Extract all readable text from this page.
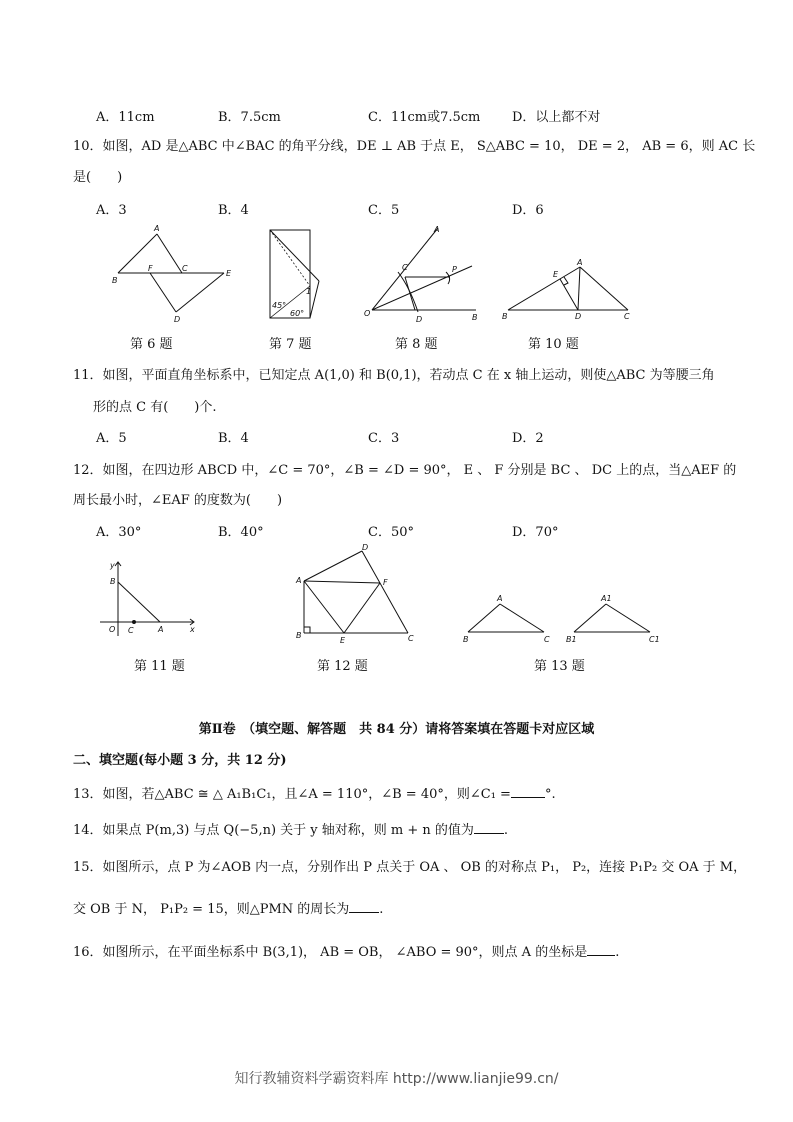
A．11cm	B．7.5cm	C．11cm或7.5cm D．以上都不对
10．如图，AD 是△ABC 中∠BAC 的角平分线，DE ⊥ AB 于点 E， S△ABC = 10， DE = 2， AB = 6，则 AC 长
是(　　)
A．3	B．4	C．5	D．6
A
B
F	C
E
D
45°
60°
1
A
C	P
O
D	B
A
E
B	D	C
第 6 题	第 7 题	第 8 题	第 10 题
11．如图，平面直角坐标系中，已知定点 A(1,0) 和 B(0,1)，若动点 C 在 x 轴上运动，则使△ABC 为等腰三角
形的点 C 有(　　)个.
A．5	B．4	C．3	D．2
12．如图，在四边形 ABCD 中，∠C = 70°，∠B = ∠D = 90°， E 、 F 分别是 BC 、 DC 上的点，当△AEF 的
周长最小时，∠EAF 的度数为(　　)
A．30°	B．40°	C．50°	D．70°
y
B
O C	A	x
D
A	F
B
E	C
A
B	C
A1
B1	C1
第 11 题	第 12 题	第 13 题
第Ⅱ卷　（填空题、解答题　共 84 分）请将答案填在答题卡对应区域
二、填空题(每小题 3 分，共 12 分)
13．如图，若△ABC ≅ △ A₁B₁C₁，且∠A = 110°，∠B = 40°，则∠C₁ =	°.
14．如果点 P(m,3) 与点 Q(−5,n) 关于 y 轴对称，则 m + n 的值为 .
15．如图所示，点 P 为∠AOB 内一点，分别作出 P 点关于 OA 、 OB 的对称点 P₁， P₂，连接 P₁P₂ 交 OA 于 M，
交 OB 于 N， P₁P₂ = 15，则△PMN 的周长为 .
16．如图所示，在平面坐标系中 B(3,1)， AB = OB， ∠ABO = 90°，则点 A 的坐标是 .
知行教辅资料学霸资料库 http://www.lianjie99.cn/
